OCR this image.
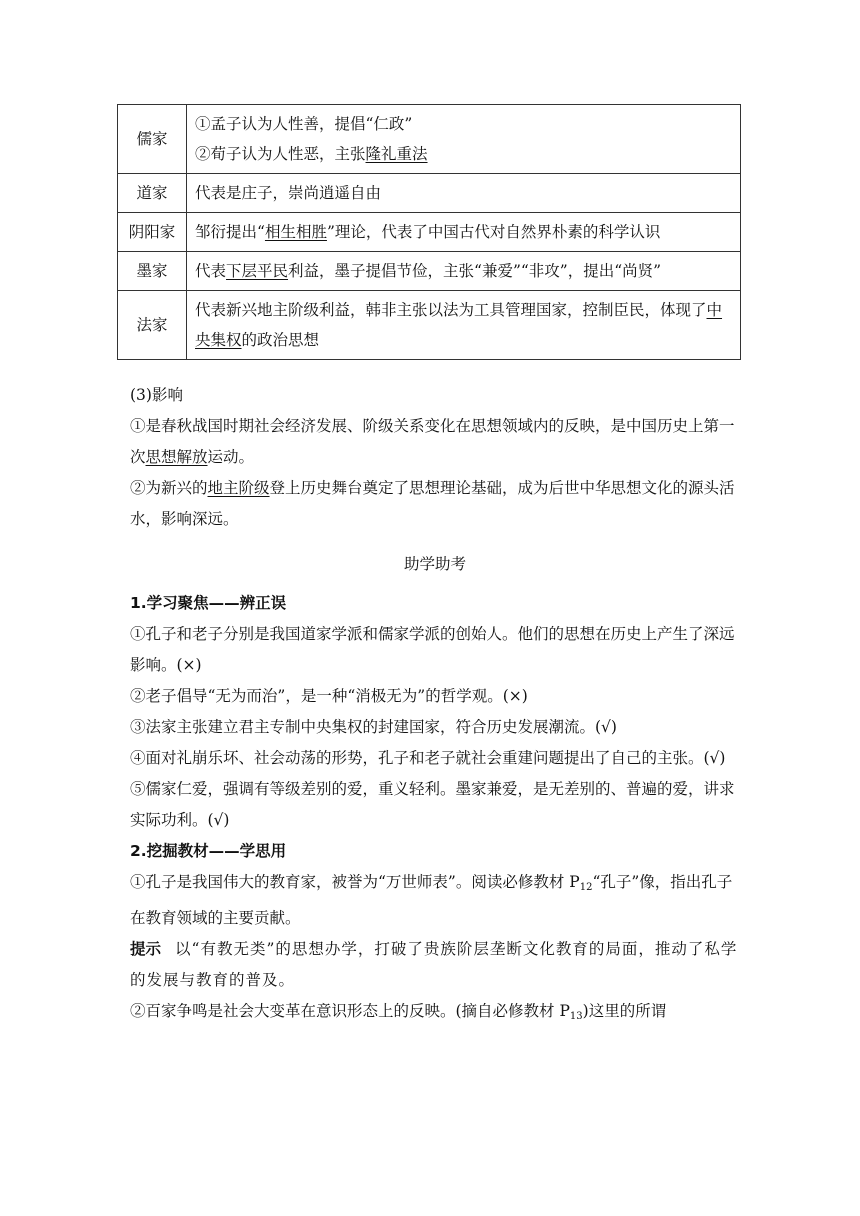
儒家	①孟子认为人性善，提倡“仁政”
②荀子认为人性恶，主张隆礼重法

道家	代表是庄子，崇尚逍遥自由

阴阳家	邹衍提出“相生相胜”理论，代表了中国古代对自然界朴素的科学认识

墨家	代表下层平民利益，墨子提倡节俭，主张“兼爱”“非攻”，提出“尚贤”

法家	代表新兴地主阶级利益，韩非主张以法为工具管理国家，控制臣民，体现了中央集权的政治思想

(3)影响

①是春秋战国时期社会经济发展、阶级关系变化在思想领域内的反映，是中国历史上第一次思想解放运动。

②为新兴的地主阶级登上历史舞台奠定了思想理论基础，成为后世中华思想文化的源头活水，影响深远。

助学助考

1.学习聚焦——辨正误

①孔子和老子分别是我国道家学派和儒家学派的创始人。他们的思想在历史上产生了深远影响。(×)

②老子倡导“无为而治”，是一种“消极无为”的哲学观。(×)

③法家主张建立君主专制中央集权的封建国家，符合历史发展潮流。(√)

④面对礼崩乐坏、社会动荡的形势，孔子和老子就社会重建问题提出了自己的主张。(√)

⑤儒家仁爱，强调有等级差别的爱，重义轻利。墨家兼爱，是无差别的、普遍的爱，讲求实际功利。(√)

2.挖掘教材——学思用

①孔子是我国伟大的教育家，被誉为“万世师表”。阅读必修教材 $P_{12}“$孔子”像，指出孔子在教育领域的主要贡献。

提示 以“有教无类”的思想办学，打破了贵族阶层垄断文化教育的局面，推动了私学的发展与教育的普及。

②百家争鸣是社会大变革在意识形态上的反映。(摘自必修教材 $P_{13}$)这里的所谓
